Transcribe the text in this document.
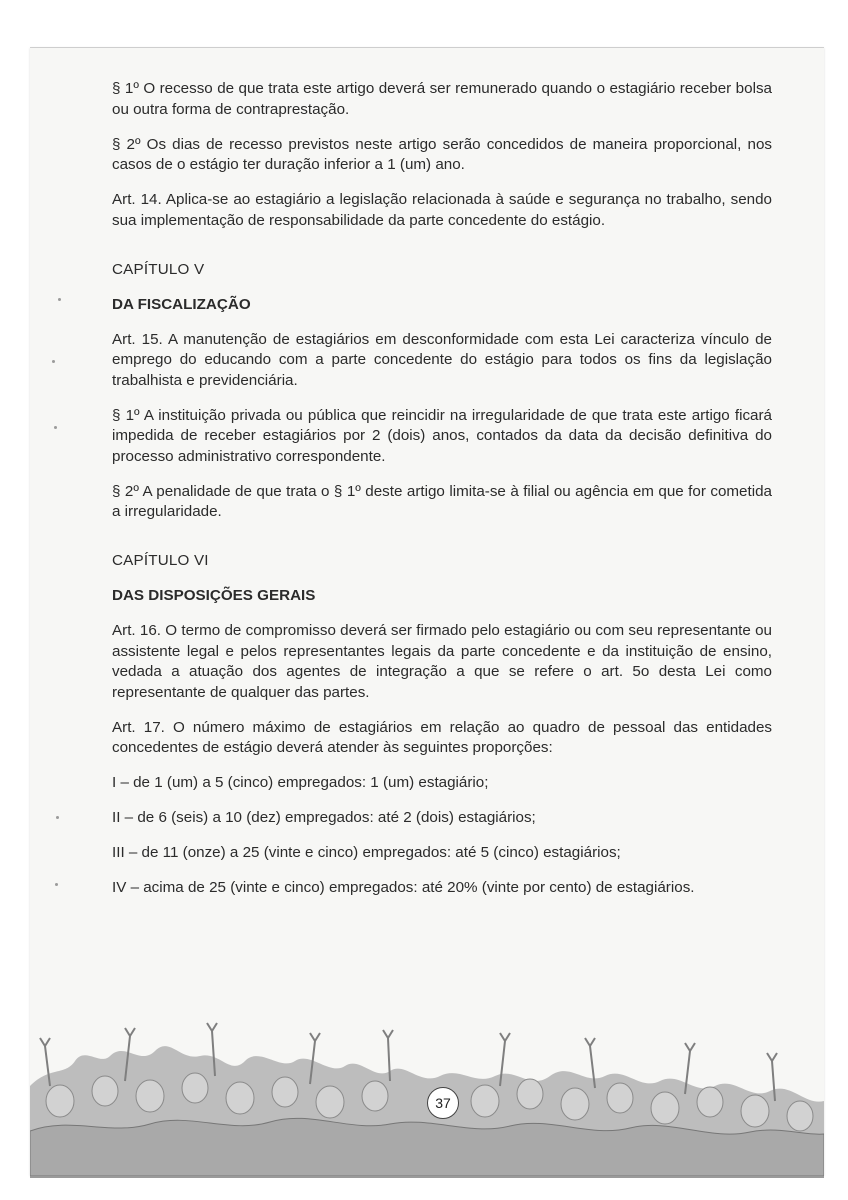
37

§ 1º O recesso de que trata este artigo deverá ser remunerado quando o estagiário receber bolsa ou outra forma de contraprestação.

§ 2º Os dias de recesso previstos neste artigo serão concedidos de maneira proporcional, nos casos de o estágio ter duração inferior a 1 (um) ano.

Art. 14. Aplica-se ao estagiário a legislação relacionada à saúde e segurança no trabalho, sendo sua implementação de responsabilidade da parte concedente do estágio.

CAPÍTULO V

DA FISCALIZAÇÃO

Art. 15. A manutenção de estagiários em desconformidade com esta Lei caracteriza vínculo de emprego do educando com a parte concedente do estágio para todos os fins da legislação trabalhista e previdenciária.

§ 1º A instituição privada ou pública que reincidir na irregularidade de que trata este artigo ficará impedida de receber estagiários por 2 (dois) anos, contados da data da decisão definitiva do processo administrativo correspondente.

§ 2º A penalidade de que trata o § 1º deste artigo limita-se à filial ou agência em que for cometida a irregularidade.

CAPÍTULO VI

DAS DISPOSIÇÕES GERAIS

Art. 16. O termo de compromisso deverá ser firmado pelo estagiário ou com seu representante ou assistente legal e pelos representantes legais da parte concedente e da instituição de ensino, vedada a atuação dos agentes de integração a que se refere o art. 5o desta Lei como representante de qualquer das partes.

Art. 17. O número máximo de estagiários em relação ao quadro de pessoal das entidades concedentes de estágio deverá atender às seguintes proporções:

I – de 1 (um) a 5 (cinco) empregados: 1 (um) estagiário;

II – de 6 (seis) a 10 (dez) empregados: até 2 (dois) estagiários;

III – de 11 (onze) a 25 (vinte e cinco) empregados: até 5 (cinco) estagiários;

IV – acima de 25 (vinte e cinco) empregados: até 20% (vinte por cento) de estagiários.
